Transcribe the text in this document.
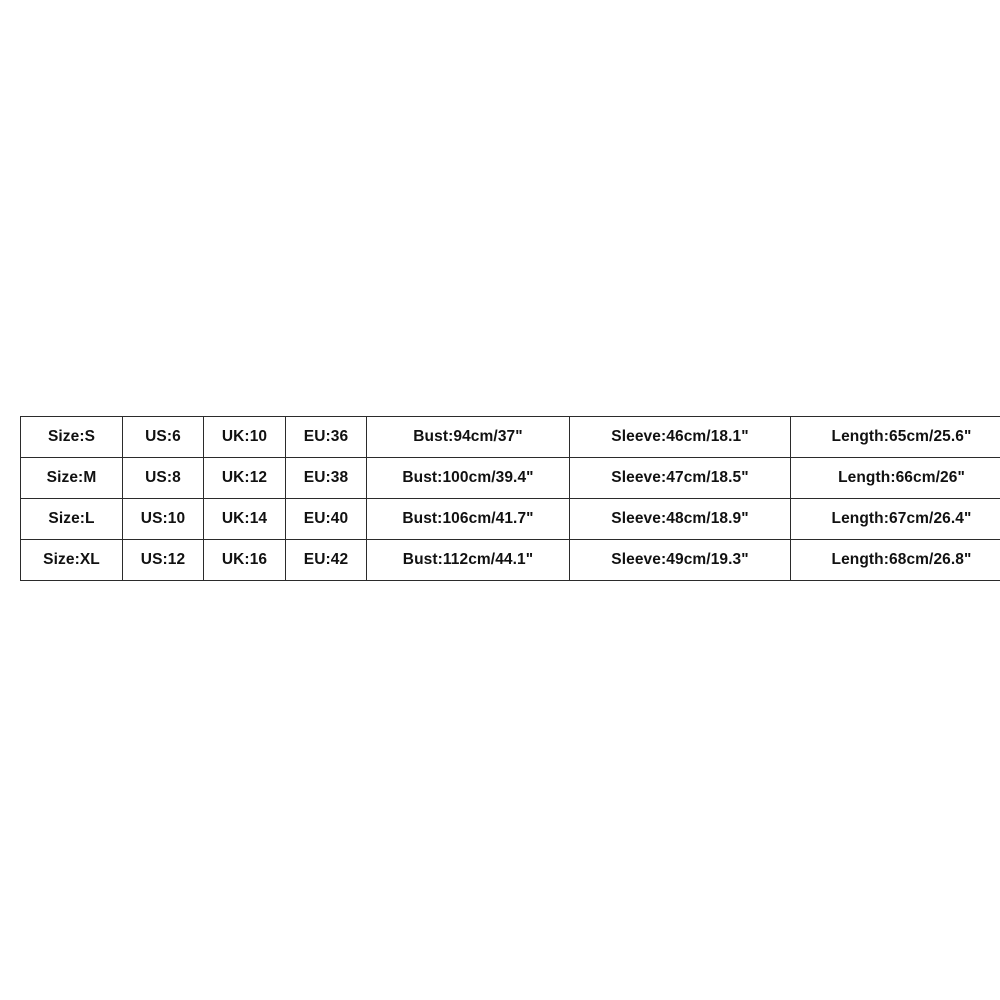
Size:S	US:6	UK:10	EU:36	Bust:94cm/37"	Sleeve:46cm/18.1"	Length:65cm/25.6"
Size:M	US:8	UK:12	EU:38	Bust:100cm/39.4"	Sleeve:47cm/18.5"	Length:66cm/26"
Size:L	US:10	UK:14	EU:40	Bust:106cm/41.7"	Sleeve:48cm/18.9"	Length:67cm/26.4"
Size:XL	US:12	UK:16	EU:42	Bust:112cm/44.1"	Sleeve:49cm/19.3"	Length:68cm/26.8"
